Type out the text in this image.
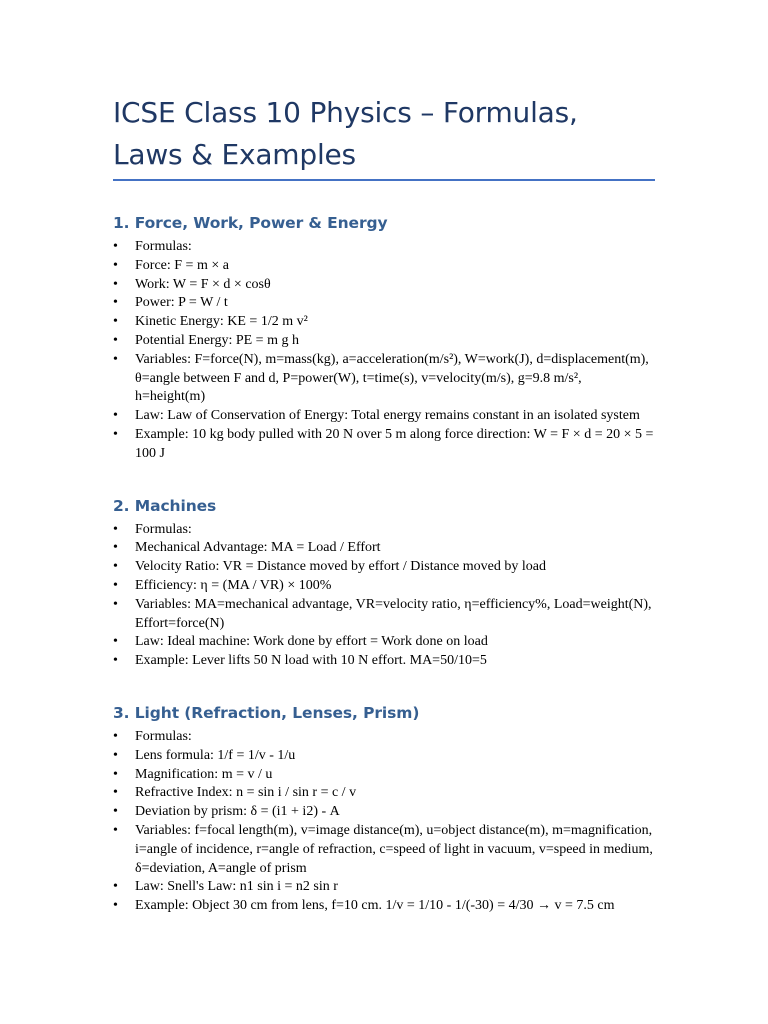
ICSE Class 10 Physics – Formulas, Laws & Examples
1. Force, Work, Power & Energy
• Formulas:
• Force: F = m × a
• Work: W = F × d × cosθ
• Power: P = W / t
• Kinetic Energy: KE = 1/2 m v²
• Potential Energy: PE = m g h
• Variables: F=force(N), m=mass(kg), a=acceleration(m/s²), W=work(J), d=displacement(m), θ=angle between F and d, P=power(W), t=time(s), v=velocity(m/s), g=9.8 m/s², h=height(m)
• Law: Law of Conservation of Energy: Total energy remains constant in an isolated system
• Example: 10 kg body pulled with 20 N over 5 m along force direction: W = F × d = 20 × 5 = 100 J
2. Machines
• Formulas:
• Mechanical Advantage: MA = Load / Effort
• Velocity Ratio: VR = Distance moved by effort / Distance moved by load
• Efficiency: η = (MA / VR) × 100%
• Variables: MA=mechanical advantage, VR=velocity ratio, η=efficiency%, Load=weight(N), Effort=force(N)
• Law: Ideal machine: Work done by effort = Work done on load
• Example: Lever lifts 50 N load with 10 N effort. MA=50/10=5
3. Light (Refraction, Lenses, Prism)
• Formulas:
• Lens formula: 1/f = 1/v - 1/u
• Magnification: m = v / u
• Refractive Index: n = sin i / sin r = c / v
• Deviation by prism: δ = (i1 + i2) - A
• Variables: f=focal length(m), v=image distance(m), u=object distance(m), m=magnification, i=angle of incidence, r=angle of refraction, c=speed of light in vacuum, v=speed in medium, δ=deviation, A=angle of prism
• Law: Snell's Law: n1 sin i = n2 sin r
• Example: Object 30 cm from lens, f=10 cm. 1/v = 1/10 - 1/(-30) = 4/30 → v = 7.5 cm
